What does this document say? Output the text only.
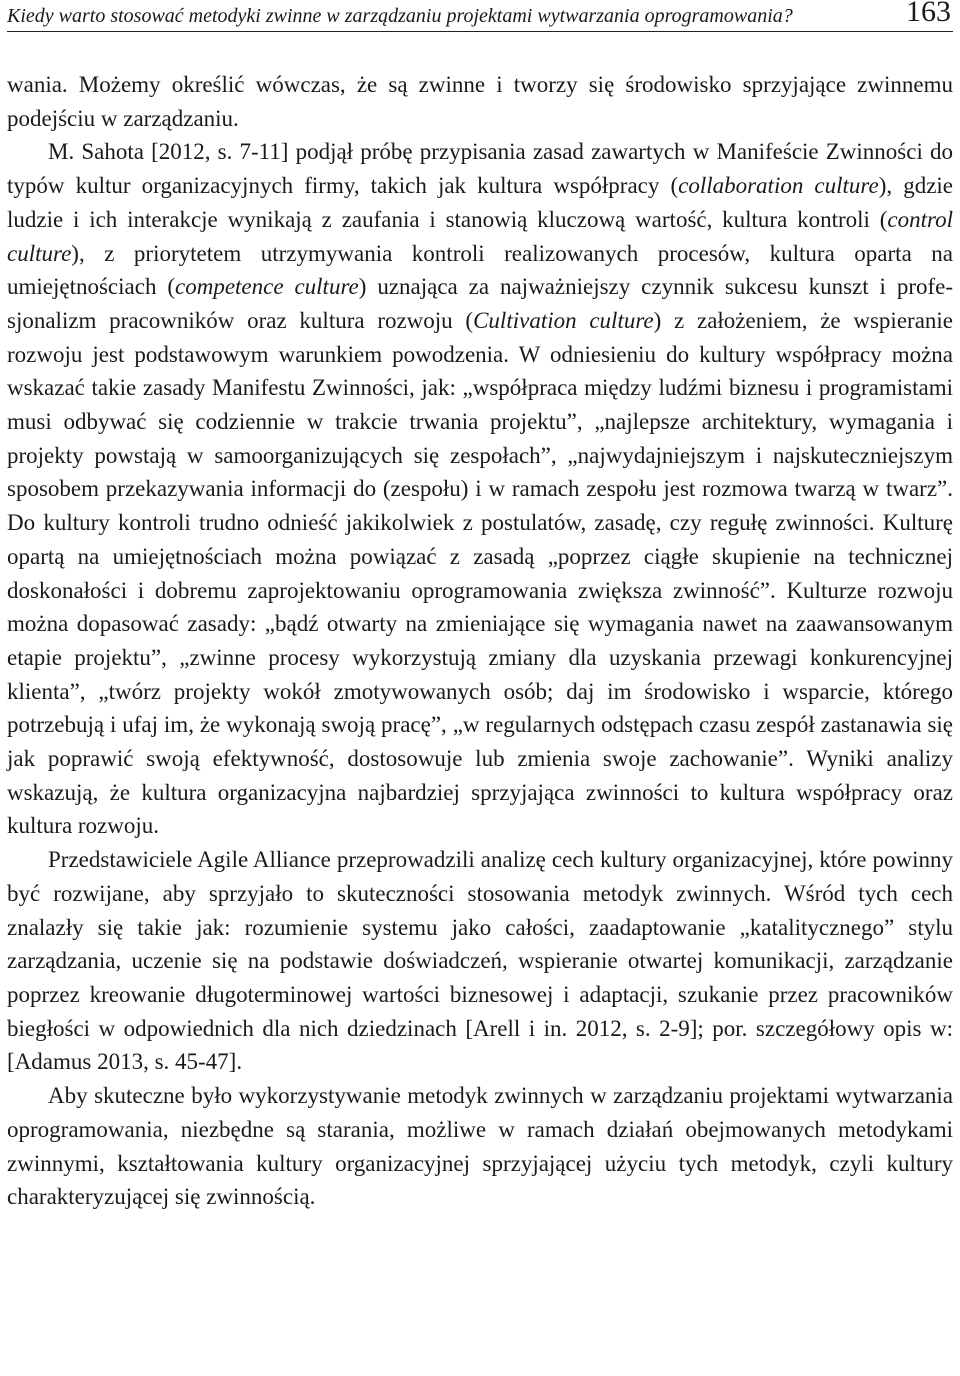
Kiedy warto stosować metodyki zwinne w zarządzaniu projektami wytwarzania oprogramowania?	163

wania. Możemy określić wówczas, że są zwinne i tworzy się środowisko sprzyjające zwinnemu podejściu w zarządzaniu.

M. Sahota [2012, s. 7-11] podjął próbę przypisania zasad zawartych w Manifeście Zwinności do typów kultur organizacyjnych firmy, takich jak kultura współpracy (collaboration culture), gdzie ludzie i ich interakcje wynikają z zaufania i stanowią kluczową wartość, kultura kontroli (control culture), z priorytetem utrzymywania kontroli realizowanych procesów, kultura oparta na umiejętnościach (competence culture) uznająca za najważniejszy czynnik sukcesu kunszt i profesjonalizm pracowników oraz kultura rozwoju (Cultivation culture) z założeniem, że wspieranie rozwoju jest podstawowym warunkiem powodzenia. W odniesieniu do kultury współpracy można wskazać takie zasady Manifestu Zwinności, jak: „współpraca między ludźmi biznesu i programistami musi odbywać się codziennie w trakcie trwania projektu”, „najlepsze architektury, wymagania i projekty powstają w samoorganizujących się zespołach”, „najwydajniejszym i najskuteczniejszym sposobem przekazywania informacji do (zespołu) i w ramach zespołu jest rozmowa twarzą w twarz”. Do kultury kontroli trudno odnieść jakikolwiek z postulatów, zasadę, czy regułę zwinności. Kulturę opartą na umiejętnościach można powiązać z zasadą „poprzez ciągłe skupienie na technicznej doskonałości i dobremu zaprojektowaniu oprogramowania zwiększa zwinność”. Kulturze rozwoju można dopasować zasady: „bądź otwarty na zmieniające się wymagania nawet na zaawansowanym etapie projektu”, „zwinne procesy wykorzystują zmiany dla uzyskania przewagi konkurencyjnej klienta”, „twórz projekty wokół zmotywowanych osób; daj im środowisko i wsparcie, którego potrzebują i ufaj im, że wykonają swoją pracę”, „w regularnych odstępach czasu zespół zastanawia się jak poprawić swoją efektywność, dostosowuje lub zmienia swoje zachowanie”. Wyniki analizy wskazują, że kultura organizacyjna najbardziej sprzyjająca zwinności to kultura współpracy oraz kultura rozwoju.

Przedstawiciele Agile Alliance przeprowadzili analizę cech kultury organizacyjnej, które powinny być rozwijane, aby sprzyjało to skuteczności stosowania metodyk zwinnych. Wśród tych cech znalazły się takie jak: rozumienie systemu jako całości, zaadaptowanie „katalitycznego” stylu zarządzania, uczenie się na podstawie doświadczeń, wspieranie otwartej komunikacji, zarządzanie poprzez kreowanie długoterminowej wartości biznesowej i adaptacji, szukanie przez pracowników biegłości w odpowiednich dla nich dziedzinach [Arell i in. 2012, s. 2-9]; por. szczegółowy opis w: [Adamus 2013, s. 45-47].

Aby skuteczne było wykorzystywanie metodyk zwinnych w zarządzaniu projektami wytwarzania oprogramowania, niezbędne są starania, możliwe w ramach działań obejmowanych metodykami zwinnymi, kształtowania kultury organizacyjnej sprzyjającej użyciu tych metodyk, czyli kultury charakteryzującej się zwinnością.
